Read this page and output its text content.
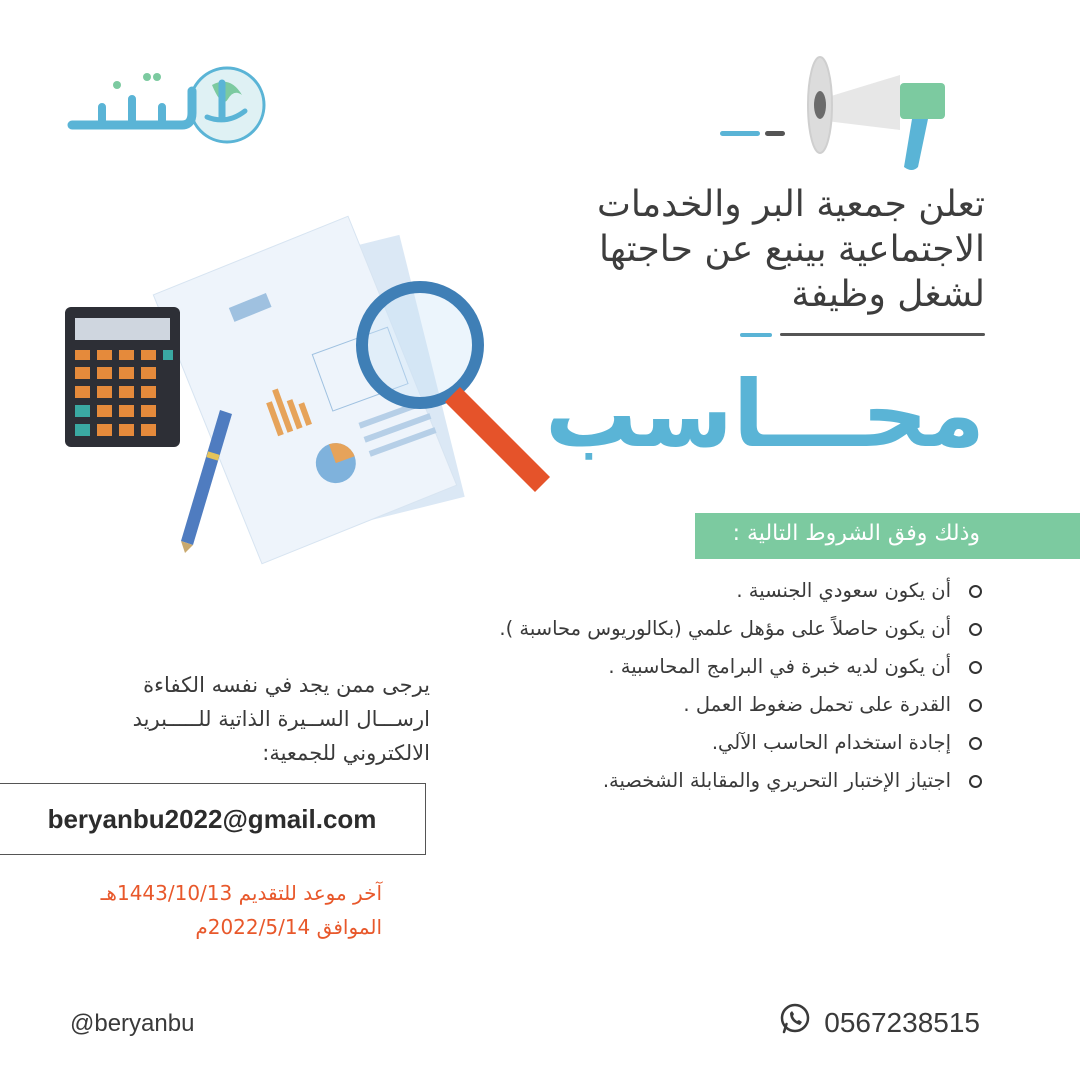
تعلن جمعية البر والخدمات
الاجتماعية بينبع عن حاجتها
لشغل وظيفة
محـــاسب
وذلك وفق الشروط التالية :
أن يكون سعودي الجنسية .
أن يكون حاصلاً على مؤهل علمي (بكالوريوس محاسبة ).
أن يكون لديه خبرة في البرامج المحاسبية .
القدرة على تحمل ضغوط العمل .
إجادة استخدام الحاسب الآلي.
اجتياز الإختبار التحريري والمقابلة الشخصية.
يرجى ممن يجد في نفسه الكفاءة
ارســـال الســيرة الذاتية للـــــبريد
الالكتروني للجمعية:
beryanbu2022@gmail.com
آخر موعد للتقديم 1443/10/13هـ
الموافق 2022/5/14م
@beryanbu	0567238515
